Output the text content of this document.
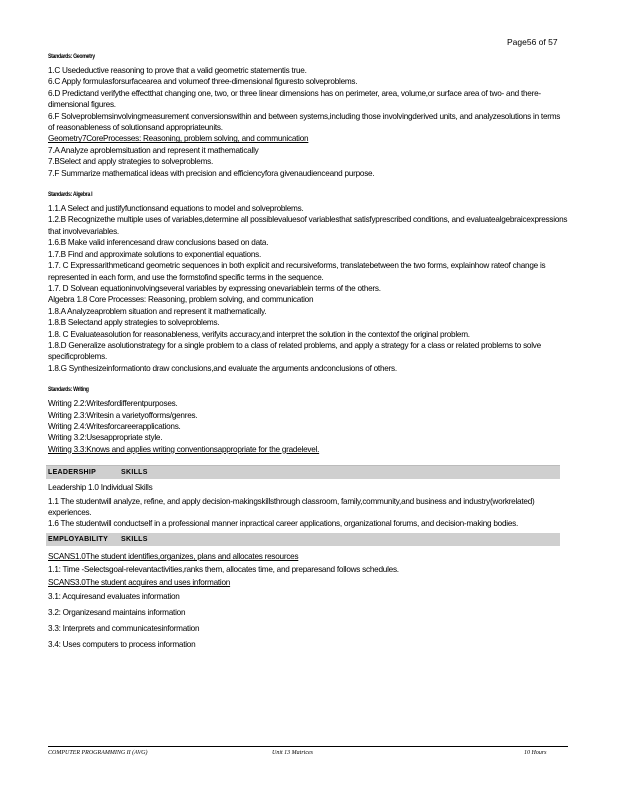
Page56 of 57
Standards: Geometry
1.C Usedeductive reasoning to prove that a valid geometric statementis true.
6.C Apply formulasforsurfacearea and volumeof three-dimensional figuresto solveproblems.
6.D Predictand verifythe effectthat changing one, two, or three linear dimensions has on perimeter, area, volume,or surface area of two- and there- dimensional figures.
6.F Solveproblemsinvolvingmeasurement conversionswithin and between systems,including those involvingderived units, and analyzesolutions in terms of reasonableness of solutionsand appropriateunits.
Geometry7CoreProcesses: Reasoning, problem solving, and communication
7.A Analyze aproblemsituation and represent it mathematically
7.BSelect and apply strategies to solveproblems.
7.F Summarize mathematical ideas with precision and efficiencyfora givenaudienceand purpose.
Standards: Algebra I
1.1.A Select and justifyfunctionsand equations to model and solveproblems.
1.2.B Recognizethe multiple uses of variables,determine all possiblevaluesof variablesthat satisfyprescribed conditions, and evaluatealgebraicexpressions that involvevariables.
1.6.B Make valid inferencesand draw conclusions based on data.
1.7.B Find and approximate solutions to exponential equations.
1.7. C Expressarithmeticand geometric sequences in both explicit and recursiveforms, translatebetween the two forms, explainhow rateof change is represented in each form, and use the formstofind specific terms in the sequence.
1.7. D Solvean equationinvolvingseveral variables by expressing onevariablein terms of the others.
Algebra 1.8 Core Processes: Reasoning, problem solving, and communication
1.8.A Analyzeaproblem situation and represent it mathematically.
1.8.B Selectand apply strategies to solveproblems.
1.8. C Evaluateasolution for reasonableness, verifyits accuracy,and interpret the solution in the contextof the original problem.
1.8.D Generalize asolutionstrategy for a single problem to a class of related problems, and apply a strategy for a class or related problems to solve specificproblems.
1.8.G Synthesizeinformationto draw conclusions,and evaluate the arguments andconclusions of others.
Standards: Writing
Writing 2.2:Writesfordifferentpurposes.
Writing 2.3:Writesin a varietyofforms/genres.
Writing 2.4:Writesforcareerapplications.
Writing 3.2:Usesappropriate style.
Writing 3.3:Knows and applies writing conventionsappropriate for the gradelevel.
LEADERSHIP	SKILLS
Leadership 1.0 Individual Skills
1.1 The studentwill analyze, refine, and apply decision-makingskillsthrough classroom, family,community,and business and industry(workrelated) experiences.
1.6 The studentwill conductself in a professional manner inpractical career applications, organizational forums, and decision-making bodies.
EMPLOYABILITY SKILLS
SCANS1.0The student identifies,organizes, plans and allocates resources
1.1: Time -Selectsgoal-relevantactivities,ranks them, allocates time, and preparesand follows schedules.
SCANS3.0The student acquires and uses information
3.1: Acquiresand evaluates information
3.2: Organizesand maintains information
3.3: Interprets and communicatesinformation
3.4: Uses computers to process information
COMPUTER PROGRAMMING II (AVG)	Unit 13 Matrices	10 Hours
